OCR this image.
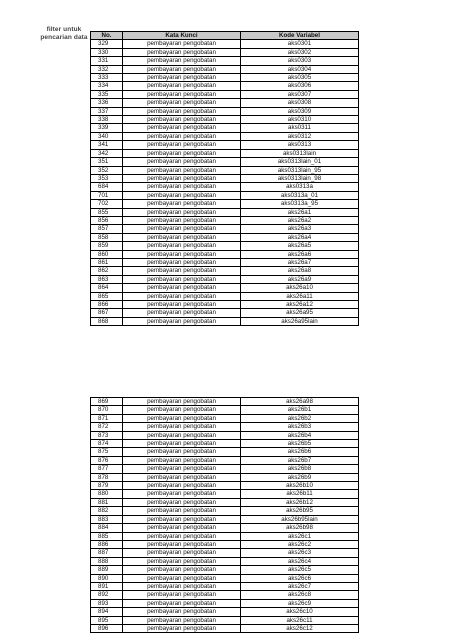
filter untuk pencarian data	No.	Kata Kunci	Kode Variabel
329	pembayaran pengobatan	aks0301
330	pembayaran pengobatan	aks0302
331	pembayaran pengobatan	aks0303
332	pembayaran pengobatan	aks0304
333	pembayaran pengobatan	aks0305
334	pembayaran pengobatan	aks0306
335	pembayaran pengobatan	aks0307
336	pembayaran pengobatan	aks0308
337	pembayaran pengobatan	aks0309
338	pembayaran pengobatan	aks0310
339	pembayaran pengobatan	aks0311
340	pembayaran pengobatan	aks0312
341	pembayaran pengobatan	aks0313
342	pembayaran pengobatan	aks0313lain
351	pembayaran pengobatan	aks0313lain_01
352	pembayaran pengobatan	aks0313lain_95
353	pembayaran pengobatan	aks0313lain_98
684	pembayaran pengobatan	aks0313a
701	pembayaran pengobatan	aks0313a_01
702	pembayaran pengobatan	aks0313a_95
855	pembayaran pengobatan	aks26a1
856	pembayaran pengobatan	aks26a2
857	pembayaran pengobatan	aks26a3
858	pembayaran pengobatan	aks26a4
859	pembayaran pengobatan	aks26a5
860	pembayaran pengobatan	aks26a6
861	pembayaran pengobatan	aks26a7
862	pembayaran pengobatan	aks26a8
863	pembayaran pengobatan	aks26a9
864	pembayaran pengobatan	aks26a10
865	pembayaran pengobatan	aks26a11
866	pembayaran pengobatan	aks26a12
867	pembayaran pengobatan	aks26a95
868	pembayaran pengobatan	aks26a95lain
869	pembayaran pengobatan	aks26a98
870	pembayaran pengobatan	aks26b1
871	pembayaran pengobatan	aks26b2
872	pembayaran pengobatan	aks26b3
873	pembayaran pengobatan	aks26b4
874	pembayaran pengobatan	aks26b5
875	pembayaran pengobatan	aks26b6
876	pembayaran pengobatan	aks26b7
877	pembayaran pengobatan	aks26b8
878	pembayaran pengobatan	aks26b9
879	pembayaran pengobatan	aks26b10
880	pembayaran pengobatan	aks26b11
881	pembayaran pengobatan	aks26b12
882	pembayaran pengobatan	aks26b95
883	pembayaran pengobatan	aks26b95lain
884	pembayaran pengobatan	aks26b98
885	pembayaran pengobatan	aks26c1
886	pembayaran pengobatan	aks26c2
887	pembayaran pengobatan	aks26c3
888	pembayaran pengobatan	aks26c4
889	pembayaran pengobatan	aks26c5
890	pembayaran pengobatan	aks26c6
891	pembayaran pengobatan	aks26c7
892	pembayaran pengobatan	aks26c8
893	pembayaran pengobatan	aks26c9
894	pembayaran pengobatan	aks26c10
895	pembayaran pengobatan	aks26c11
896	pembayaran pengobatan	aks26c12
